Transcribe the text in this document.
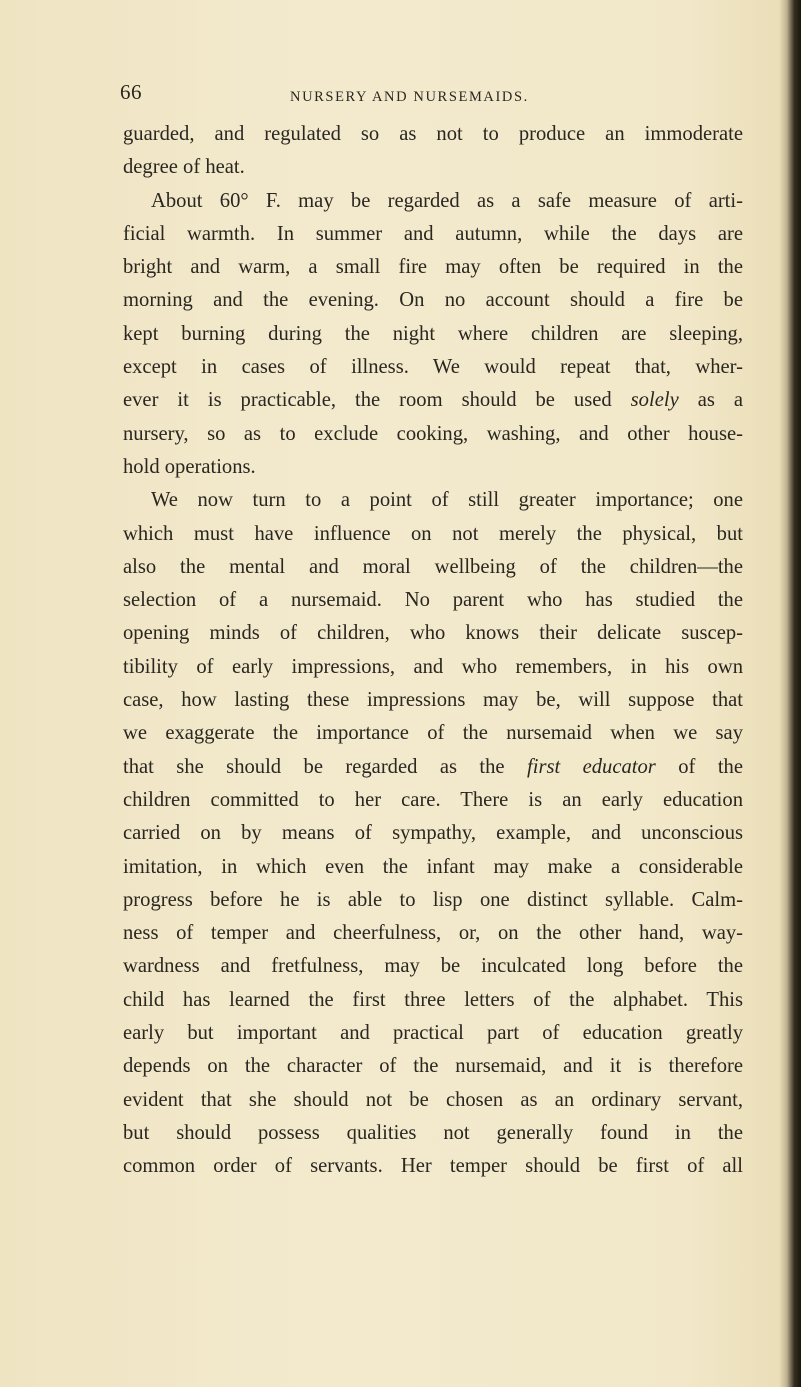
66	NURSERY AND NURSEMAIDS.
guarded, and regulated so as not to produce an immoderate
degree of heat.
About 60° F. may be regarded as a safe measure of arti-
ficial warmth. In summer and autumn, while the days are
bright and warm, a small fire may often be required in the
morning and the evening. On no account should a fire be
kept burning during the night where children are sleeping,
except in cases of illness. We would repeat that, wher-
ever it is practicable, the room should be used solely as a
nursery, so as to exclude cooking, washing, and other house-
hold operations.
We now turn to a point of still greater importance; one
which must have influence on not merely the physical, but
also the mental and moral wellbeing of the children—the
selection of a nursemaid. No parent who has studied the
opening minds of children, who knows their delicate suscep-
tibility of early impressions, and who remembers, in his own
case, how lasting these impressions may be, will suppose that
we exaggerate the importance of the nursemaid when we say
that she should be regarded as the first educator of the
children committed to her care. There is an early education
carried on by means of sympathy, example, and unconscious
imitation, in which even the infant may make a considerable
progress before he is able to lisp one distinct syllable. Calm-
ness of temper and cheerfulness, or, on the other hand, way-
wardness and fretfulness, may be inculcated long before the
child has learned the first three letters of the alphabet. This
early but important and practical part of education greatly
depends on the character of the nursemaid, and it is therefore
evident that she should not be chosen as an ordinary servant,
but should possess qualities not generally found in the
common order of servants. Her temper should be first of all
